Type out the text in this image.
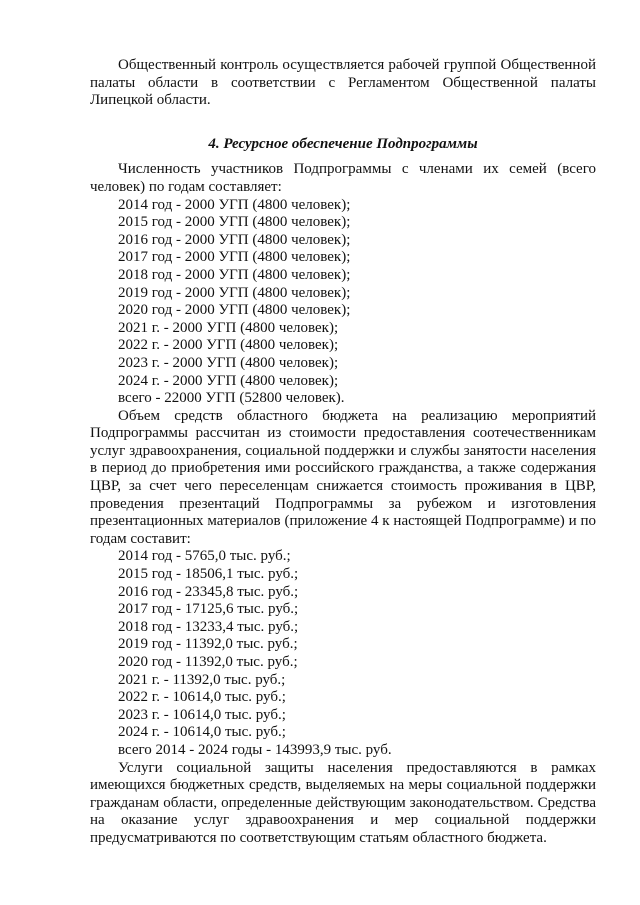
Общественный контроль осуществляется рабочей группой Общественной палаты области в соответствии с Регламентом Общественной палаты Липецкой области.

4. Ресурсное обеспечение Подпрограммы

Численность участников Подпрограммы с членами их семей (всего человек) по годам составляет:

2014 год - 2000 УГП (4800 человек);
2015 год - 2000 УГП (4800 человек);
2016 год - 2000 УГП (4800 человек);
2017 год - 2000 УГП (4800 человек);
2018 год - 2000 УГП (4800 человек);
2019 год - 2000 УГП (4800 человек);
2020 год - 2000 УГП (4800 человек);
2021 г. - 2000 УГП (4800 человек);
2022 г. - 2000 УГП (4800 человек);
2023 г. - 2000 УГП (4800 человек);
2024 г. - 2000 УГП (4800 человек);
всего - 22000 УГП (52800 человек).

Объем средств областного бюджета на реализацию мероприятий Подпрограммы рассчитан из стоимости предоставления соотечественникам услуг здравоохранения, социальной поддержки и службы занятости населения в период до приобретения ими российского гражданства, а также содержания ЦВР, за счет чего переселенцам снижается стоимость проживания в ЦВР, проведения презентаций Подпрограммы за рубежом и изготовления презентационных материалов (приложение 4 к настоящей Подпрограмме) и по годам составит:

2014 год - 5765,0 тыс. руб.;
2015 год - 18506,1 тыс. руб.;
2016 год - 23345,8 тыс. руб.;
2017 год - 17125,6 тыс. руб.;
2018 год - 13233,4 тыс. руб.;
2019 год - 11392,0 тыс. руб.;
2020 год - 11392,0 тыс. руб.;
2021 г. - 11392,0 тыс. руб.;
2022 г. - 10614,0 тыс. руб.;
2023 г. - 10614,0 тыс. руб.;
2024 г. - 10614,0 тыс. руб.;
всего 2014 - 2024 годы - 143993,9 тыс. руб.

Услуги социальной защиты населения предоставляются в рамках имеющихся бюджетных средств, выделяемых на меры социальной поддержки гражданам области, определенные действующим законодательством. Средства на оказание услуг здравоохранения и мер социальной поддержки предусматриваются по соответствующим статьям областного бюджета.
